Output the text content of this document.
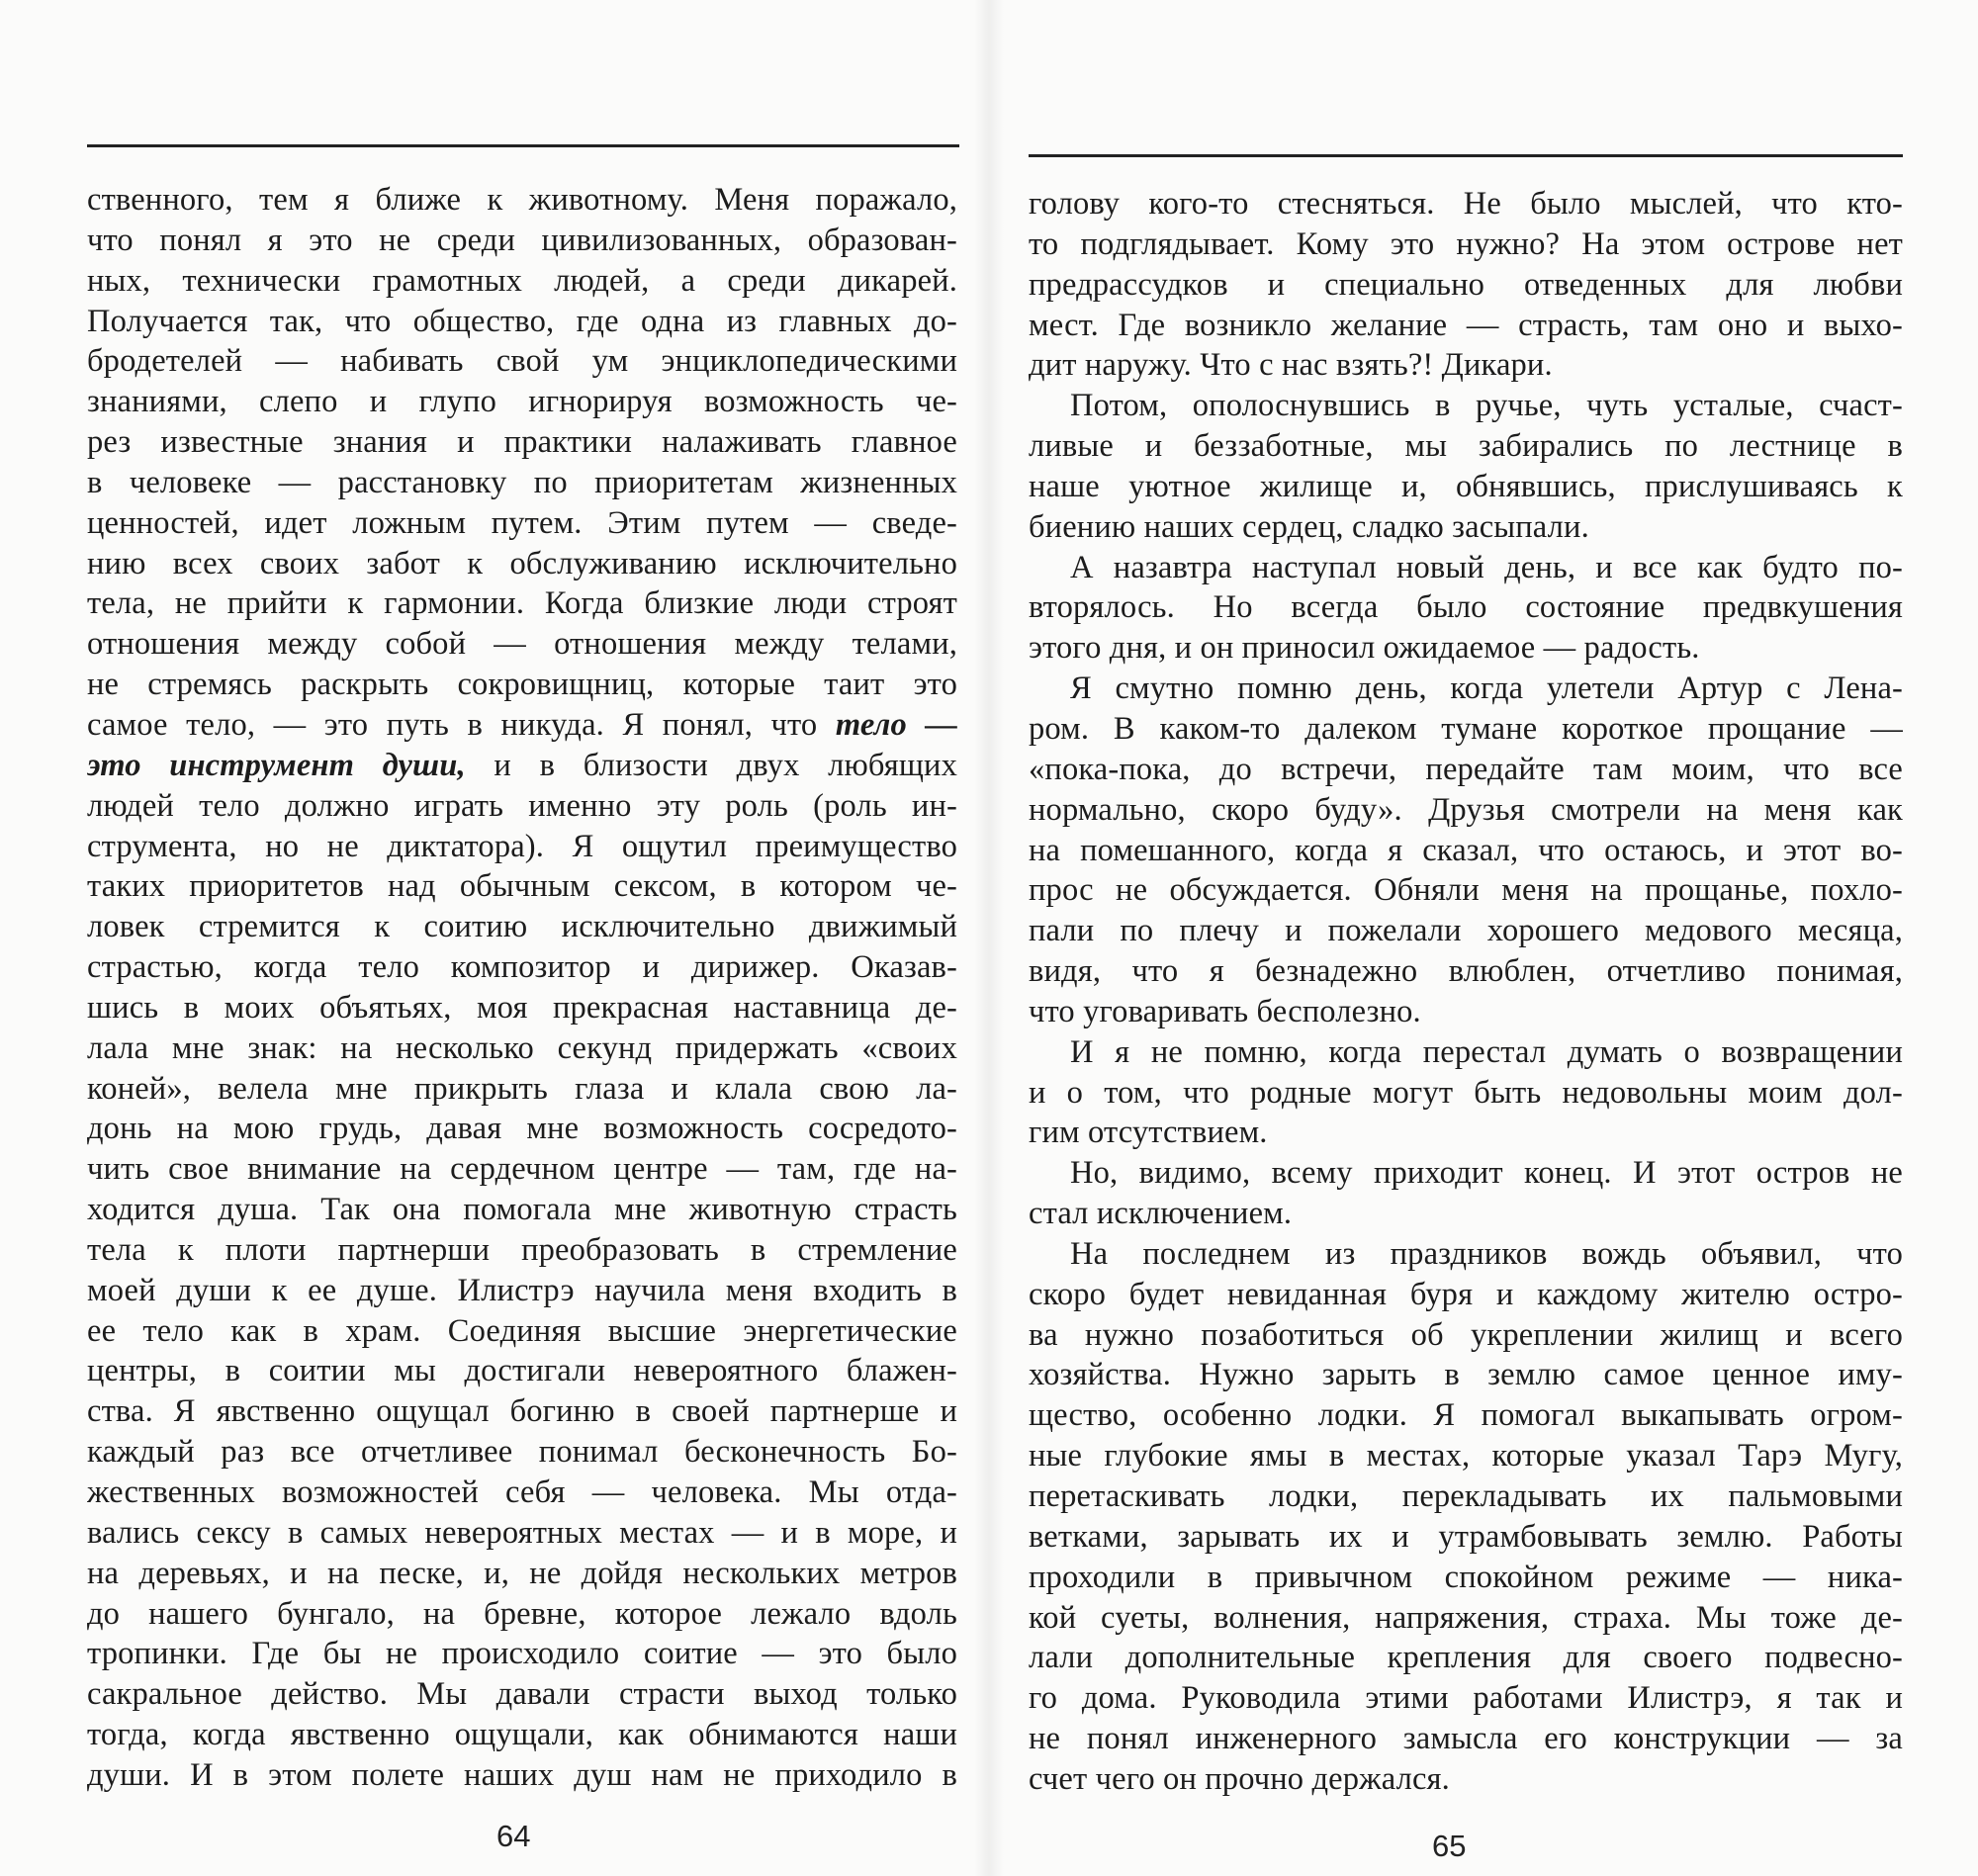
ственного, тем я ближе к животному. Меня поражало,
что понял я это не среди цивилизованных, образован-
ных, технически грамотных людей, а среди дикарей.
Получается так, что общество, где одна из главных до-
бродетелей — набивать свой ум энциклопедическими
знаниями, слепо и глупо игнорируя возможность че-
рез известные знания и практики налаживать главное
в человеке — расстановку по приоритетам жизненных
ценностей, идет ложным путем. Этим путем — сведе-
нию всех своих забот к обслуживанию исключительно
тела, не прийти к гармонии. Когда близкие люди строят
отношения между собой — отношения между телами,
не стремясь раскрыть сокровищниц, которые таит это
самое тело, — это путь в никуда. Я понял, что тело —
это инструмент души, и в близости двух любящих
людей тело должно играть именно эту роль (роль ин-
струмента, но не диктатора). Я ощутил преимущество
таких приоритетов над обычным сексом, в котором че-
ловек стремится к соитию исключительно движимый
страстью, когда тело композитор и дирижер. Оказав-
шись в моих объятьях, моя прекрасная наставница де-
лала мне знак: на несколько секунд придержать «своих
коней», велела мне прикрыть глаза и клала свою ла-
донь на мою грудь, давая мне возможность сосредото-
чить свое внимание на сердечном центре — там, где на-
ходится душа. Так она помогала мне животную страсть
тела к плоти партнерши преобразовать в стремление
моей души к ее душе. Илистрэ научила меня входить в
ее тело как в храм. Соединяя высшие энергетические
центры, в соитии мы достигали невероятного блажен-
ства. Я явственно ощущал богиню в своей партнерше и
каждый раз все отчетливее понимал бесконечность Бо-
жественных возможностей себя — человека. Мы отда-
вались сексу в самых невероятных местах — и в море, и
на деревьях, и на песке, и, не дойдя нескольких метров
до нашего бунгало, на бревне, которое лежало вдоль
тропинки. Где бы не происходило соитие — это было
сакральное действо. Мы давали страсти выход только
тогда, когда явственно ощущали, как обнимаются наши
души. И в этом полете наших душ нам не приходило в
64
голову кого-то стесняться. Не было мыслей, что кто-
то подглядывает. Кому это нужно? На этом острове нет
предрассудков и специально отведенных для любви
мест. Где возникло желание — страсть, там оно и выхо-
дит наружу. Что с нас взять?! Дикари.
Потом, ополоснувшись в ручье, чуть усталые, счаст-
ливые и беззаботные, мы забирались по лестнице в
наше уютное жилище и, обнявшись, прислушиваясь к
биению наших сердец, сладко засыпали.
А назавтра наступал новый день, и все как будто по-
вторялось. Но всегда было состояние предвкушения
этого дня, и он приносил ожидаемое — радость.
Я смутно помню день, когда улетели Артур с Лена-
ром. В каком-то далеком тумане короткое прощание —
«пока-пока, до встречи, передайте там моим, что все
нормально, скоро буду». Друзья смотрели на меня как
на помешанного, когда я сказал, что остаюсь, и этот во-
прос не обсуждается. Обняли меня на прощанье, похло-
пали по плечу и пожелали хорошего медового месяца,
видя, что я безнадежно влюблен, отчетливо понимая,
что уговаривать бесполезно.
И я не помню, когда перестал думать о возвращении
и о том, что родные могут быть недовольны моим дол-
гим отсутствием.
Но, видимо, всему приходит конец. И этот остров не
стал исключением.
На последнем из праздников вождь объявил, что
скоро будет невиданная буря и каждому жителю остро-
ва нужно позаботиться об укреплении жилищ и всего
хозяйства. Нужно зарыть в землю самое ценное иму-
щество, особенно лодки. Я помогал выкапывать огром-
ные глубокие ямы в местах, которые указал Тарэ Мугу,
перетаскивать лодки, перекладывать их пальмовыми
ветками, зарывать их и утрамбовывать землю. Работы
проходили в привычном спокойном режиме — ника-
кой суеты, волнения, напряжения, страха. Мы тоже де-
лали дополнительные крепления для своего подвесно-
го дома. Руководила этими работами Илистрэ, я так и
не понял инженерного замысла его конструкции — за
счет чего он прочно держался.
65
